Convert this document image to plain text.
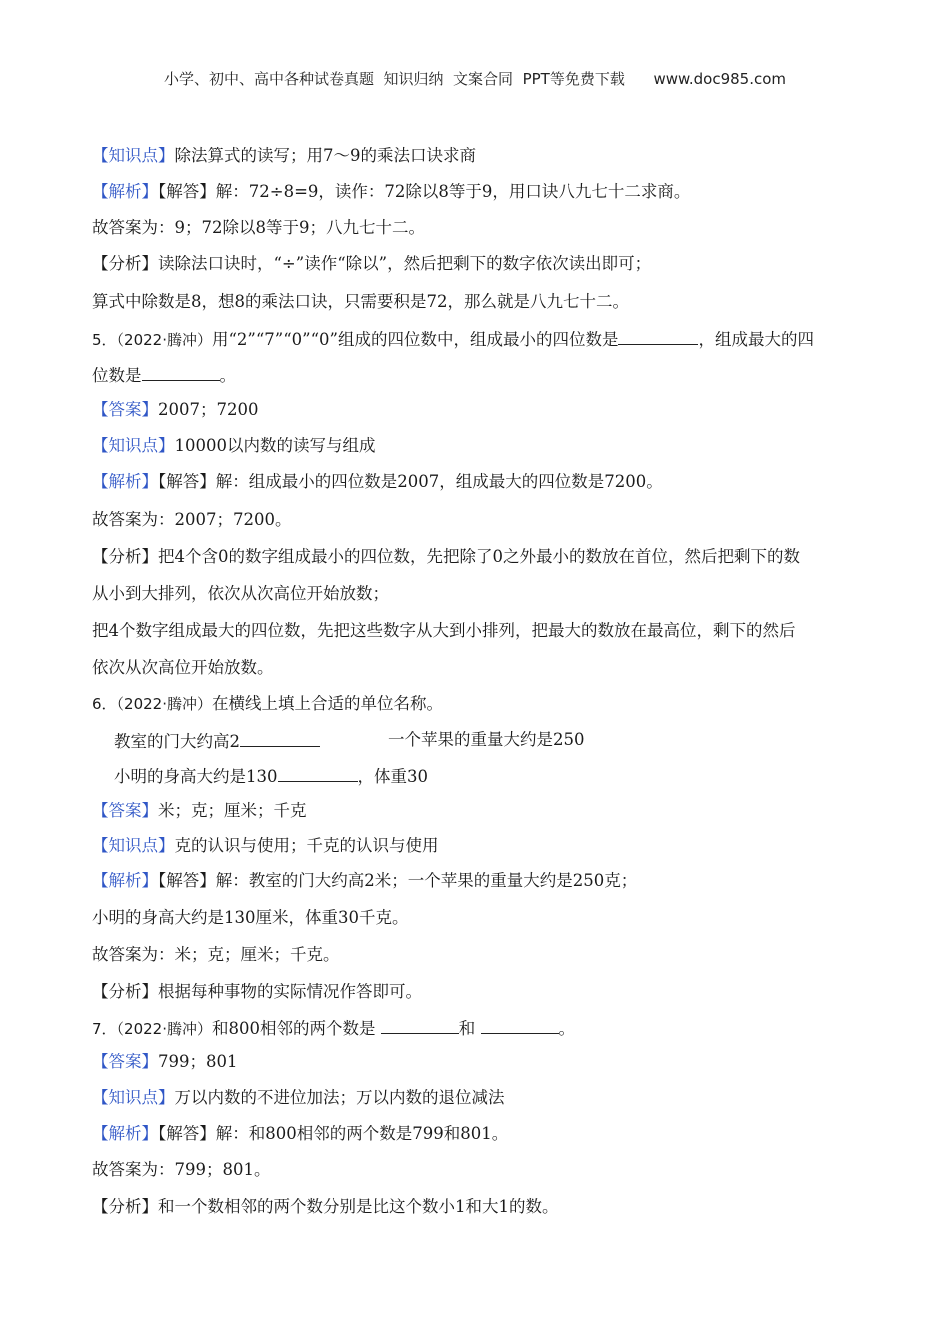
小学、初中、高中各种试卷真题  知识归纳  文案合同  PPT等免费下载      www.doc985.com
【知识点】除法算式的读写；用7～9的乘法口诀求商
【解析】【解答】解：72÷8=9，读作：72除以8等于9，用口诀八九七十二求商。
故答案为：9；72除以8等于9；八九七十二。
【分析】读除法口诀时，“÷”读作“除以”，然后把剩下的数字依次读出即可；
算式中除数是8，想8的乘法口诀，只需要积是72，那么就是八九七十二。
5．（2022·腾冲）用“2”“7”“0”“0”组成的四位数中，组成最小的四位数是	，组成最大的四
位数是	。
【答案】2007；7200
【知识点】10000以内数的读写与组成
【解析】【解答】解：组成最小的四位数是2007，组成最大的四位数是7200。
故答案为：2007；7200。
【分析】把4个含0的数字组成最小的四位数，先把除了0之外最小的数放在首位，然后把剩下的数
从小到大排列，依次从次高位开始放数；
把4个数字组成最大的四位数，先把这些数字从大到小排列，把最大的数放在最高位，剩下的然后
依次从次高位开始放数。
6．（2022·腾冲）在横线上填上合适的单位名称。
教室的门大约高2	一个苹果的重量大约是250
小明的身高大约是130	，体重30
【答案】米；克；厘米；千克
【知识点】克的认识与使用；千克的认识与使用
【解析】【解答】解：教室的门大约高2米；一个苹果的重量大约是250克；
小明的身高大约是130厘米，体重30千克。
故答案为：米；克；厘米；千克。
【分析】根据每种事物的实际情况作答即可。
7．（2022·腾冲）和800相邻的两个数是	和	。
【答案】799；801
【知识点】万以内数的不进位加法；万以内数的退位减法
【解析】【解答】解：和800相邻的两个数是799和801。
故答案为：799；801。
【分析】和一个数相邻的两个数分别是比这个数小1和大1的数。
